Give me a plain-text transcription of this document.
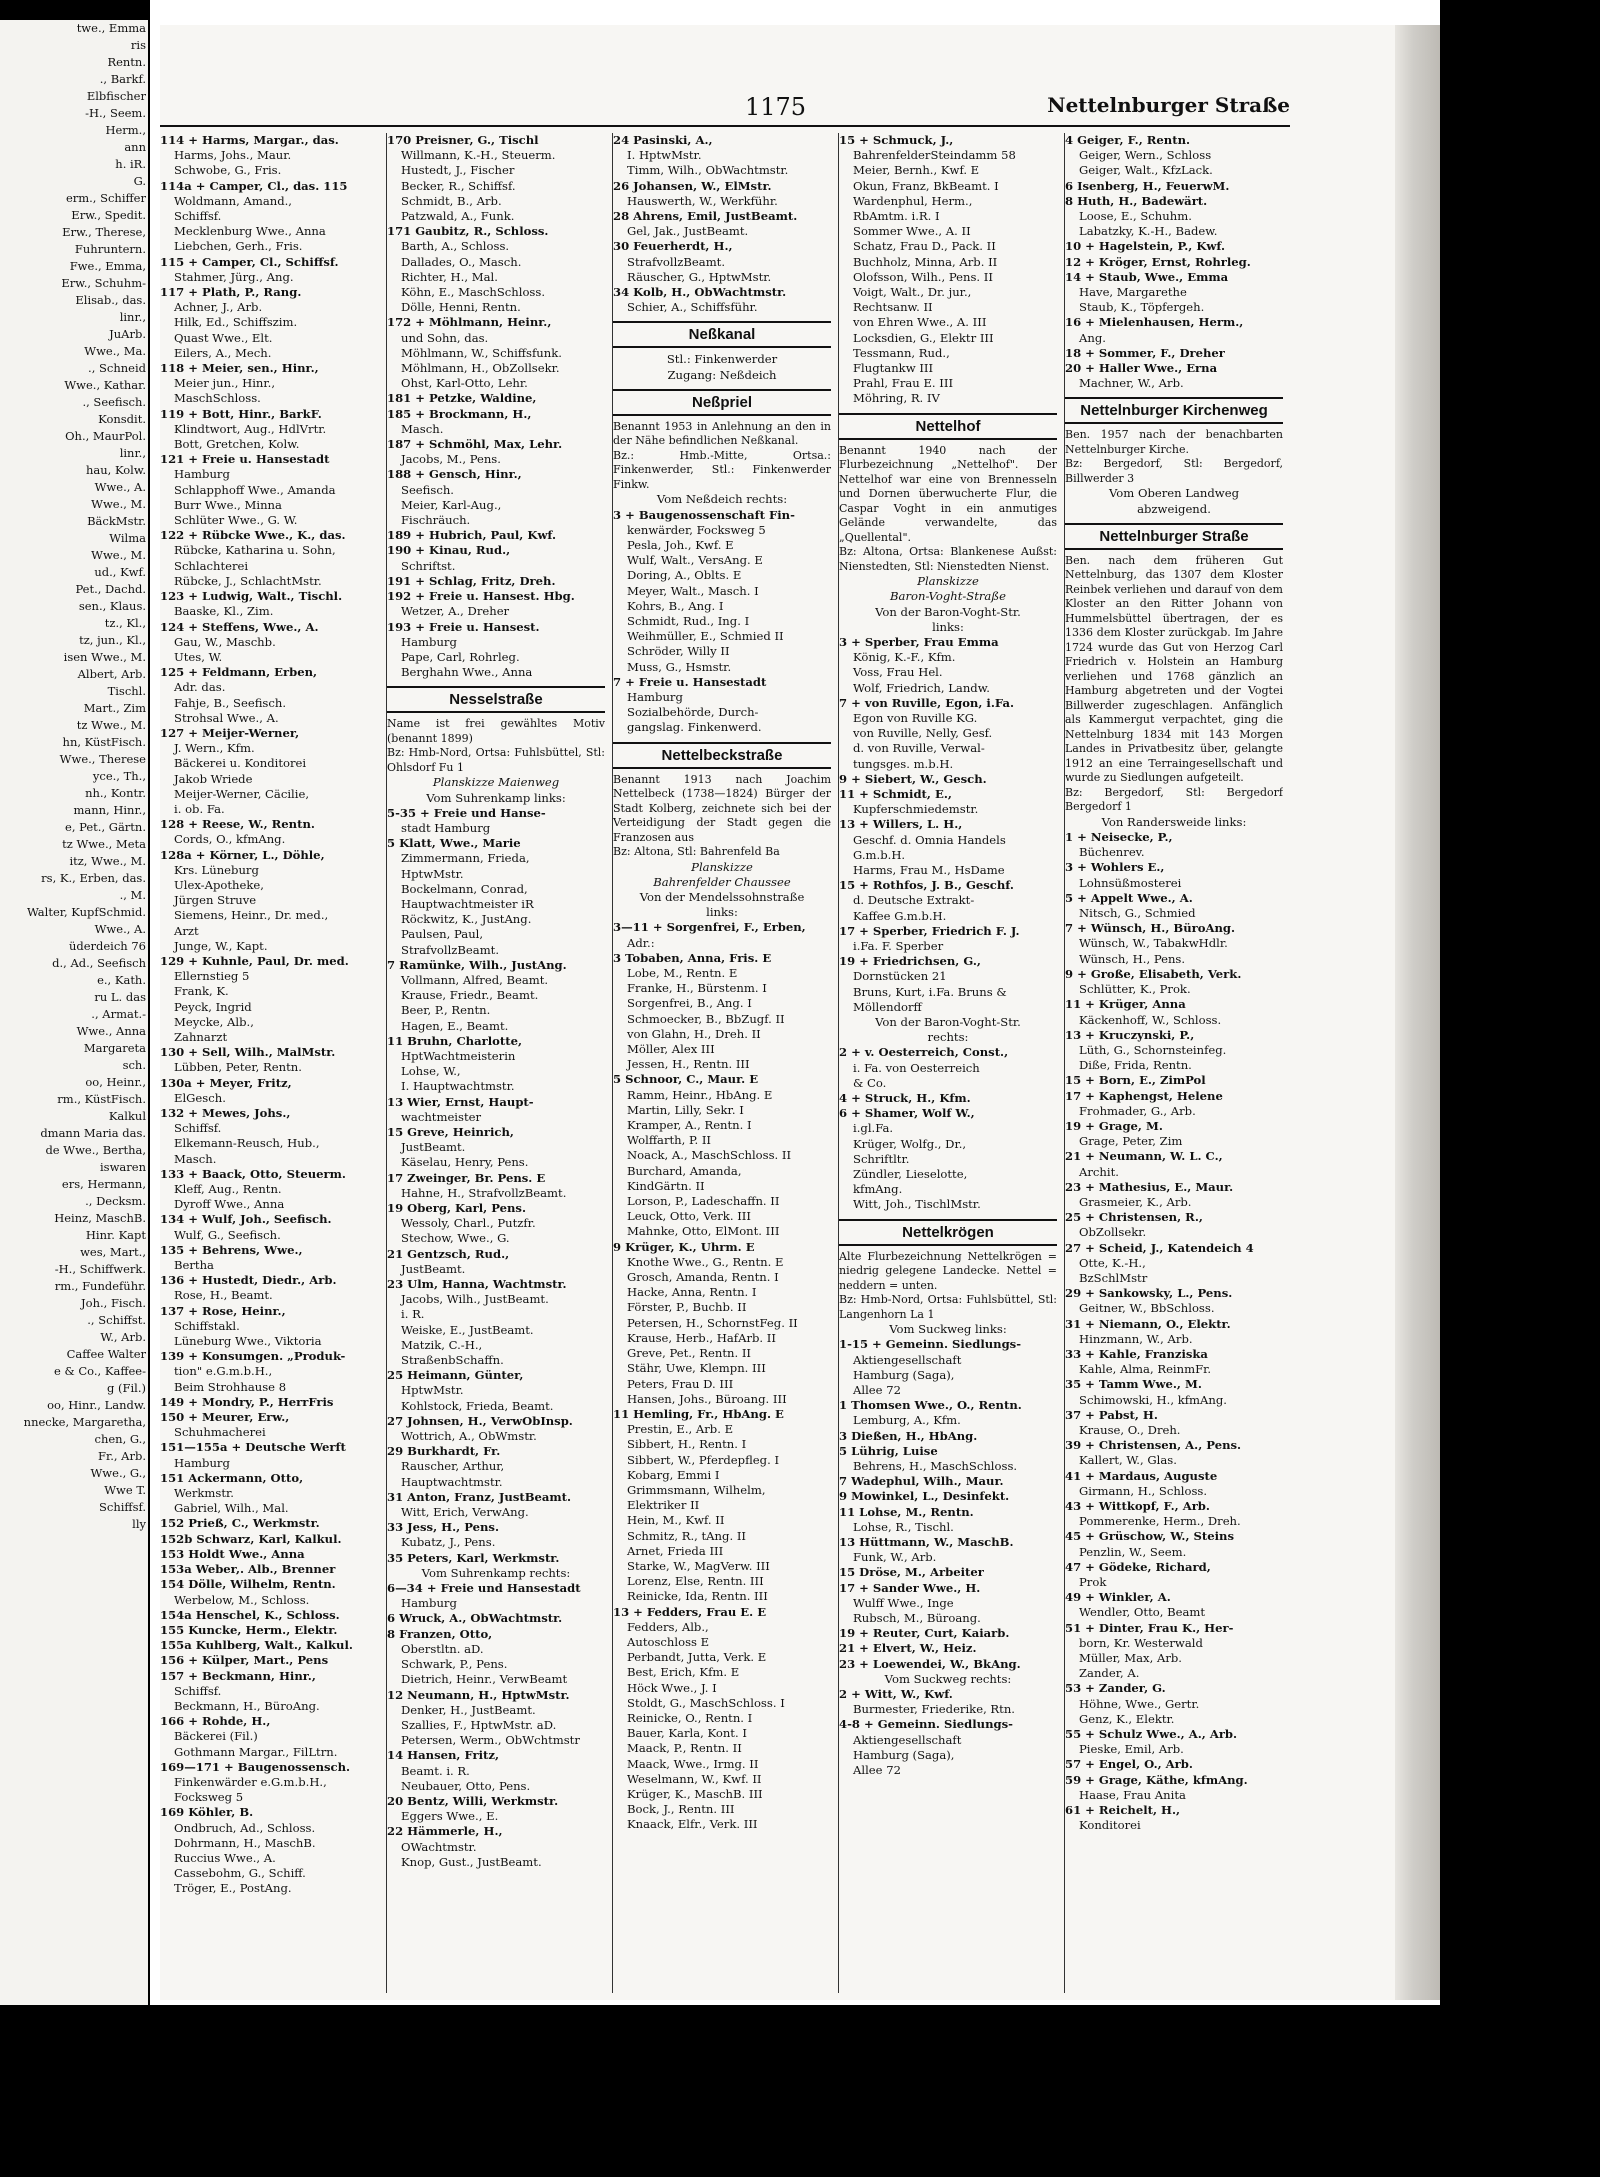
twe., Emma
ris
Rentn.
., Barkf.
Elbfischer
-H., Seem.
Herm.,
ann
h. iR.
G.
erm., Schiffer
Erw., Spedit.
Erw., Therese,
Fuhruntern.
Fwe., Emma,
Erw., Schuhm-
Elisab., das.
linr.,
JuArb.
Wwe., Ma.
., Schneid
Wwe., Kathar.
., Seefisch.
Konsdit.
Oh., MaurPol.
linr.,
hau, Kolw.
Wwe., A.
Wwe., M.
BäckMstr.
Wilma
Wwe., M.
ud., Kwf.
Pet., Dachd.
sen., Klaus.
tz., Kl.,
tz, jun., Kl.,
isen Wwe., M.
Albert, Arb.
Tischl.
Mart., Zim
tz Wwe., M.
hn, KüstFisch.
Wwe., Therese
yce., Th.,
nh., Kontr.
mann, Hinr.,
e, Pet., Gärtn.
tz Wwe., Meta
itz, Wwe., M.
rs, K., Erben, das.
., M.
Walter, KupfSchmid.
Wwe., A.
üderdeich 76
d., Ad., Seefisch
e., Kath.
ru L. das
., Armat.-
Wwe., Anna
Margareta
sch.
oo, Heinr.,
rm., KüstFisch.
Kalkul
dmann Maria das.
de Wwe., Bertha,
iswaren
ers, Hermann,
., Decksm.
Heinz, MaschB.
Hinr. Kapt
wes, Mart.,
-H., Schiffwerk.
rm., Fundeführ.
Joh., Fisch.
., Schiffst.
W., Arb.
Caffee Walter
e & Co., Kaffee-
g (Fil.)
oo, Hinr., Landw.
nnecke, Margaretha,
chen, G.,
Fr., Arb.
Wwe., G.,
Wwe T.
Schiffsf.
lly
1175	Nettelnburger Straße
114 + Harms, Margar., das.
Harms, Johs., Maur.
Schwobe, G., Fris.
114a + Camper, Cl., das. 115
Woldmann, Amand.,
Schiffsf.
Mecklenburg Wwe., Anna
Liebchen, Gerh., Fris.
115 + Camper, Cl., Schiffsf.
Stahmer, Jürg., Ang.
117 + Plath, P., Rang.
Achner, J., Arb.
Hilk, Ed., Schiffszim.
Quast Wwe., Elt.
Eilers, A., Mech.
118 + Meier, sen., Hinr.,
Meier jun., Hinr.,
MaschSchloss.
119 + Bott, Hinr., BarkF.
Klindtwort, Aug., HdlVrtr.
Bott, Gretchen, Kolw.
121 + Freie u. Hansestadt
Hamburg
Schlapphoff Wwe., Amanda
Burr Wwe., Minna
Schlüter Wwe., G. W.
122 + Rübcke Wwe., K., das.
Rübcke, Katharina u. Sohn,
Schlachterei
Rübcke, J., SchlachtMstr.
123 + Ludwig, Walt., Tischl.
Baaske, Kl., Zim.
124 + Steffens, Wwe., A.
Gau, W., Maschb.
Utes, W.
125 + Feldmann, Erben,
Adr. das.
Fahje, B., Seefisch.
Strohsal Wwe., A.
127 + Meijer-Werner,
J. Wern., Kfm.
Bäckerei u. Konditorei
Jakob Wriede
Meijer-Werner, Cäcilie,
i. ob. Fa.
128 + Reese, W., Rentn.
Cords, O., kfmAng.
128a + Körner, L., Döhle,
Krs. Lüneburg
Ulex-Apotheke,
Jürgen Struve
Siemens, Heinr., Dr. med.,
Arzt
Junge, W., Kapt.
129 + Kuhnle, Paul, Dr. med.
Ellernstieg 5
Frank, K.
Peyck, Ingrid
Meycke, Alb.,
Zahnarzt
130 + Sell, Wilh., MalMstr.
Lübben, Peter, Rentn.
130a + Meyer, Fritz,
ElGesch.
132 + Mewes, Johs.,
Schiffsf.
Elkemann-Reusch, Hub.,
Masch.
133 + Baack, Otto, Steuerm.
Kleff, Aug., Rentn.
Dyroff Wwe., Anna
134 + Wulf, Joh., Seefisch.
Wulf, G., Seefisch.
135 + Behrens, Wwe.,
Bertha
136 + Hustedt, Diedr., Arb.
Rose, H., Beamt.
137 + Rose, Heinr.,
Schiffstakl.
Lüneburg Wwe., Viktoria
139 + Konsumgen. „Produk-
tion" e.G.m.b.H.,
Beim Strohhause 8
149 + Mondry, P., HerrFris
150 + Meurer, Erw.,
Schuhmacherei
151—155a + Deutsche Werft
Hamburg
151 Ackermann, Otto,
Werkmstr.
Gabriel, Wilh., Mal.
152 Prieß, C., Werkmstr.
152b Schwarz, Karl, Kalkul.
153 Holdt Wwe., Anna
153a Weber,. Alb., Brenner
154 Dölle, Wilhelm, Rentn.
Werbelow, M., Schloss.
154a Henschel, K., Schloss.
155 Kuncke, Herm., Elektr.
155a Kuhlberg, Walt., Kalkul.
156 + Külper, Mart., Pens
157 + Beckmann, Hinr.,
Schiffsf.
Beckmann, H., BüroAng.
166 + Rohde, H.,
Bäckerei (Fil.)
Gothmann Margar., FilLtrn.
169—171 + Baugenossensch.
Finkenwärder e.G.m.b.H.,
Focksweg 5
169 Köhler, B.
Ondbruch, Ad., Schloss.
Dohrmann, H., MaschB.
Ruccius Wwe., A.
Cassebohm, G., Schiff.
Tröger, E., PostAng.
170 Preisner, G., Tischl
Willmann, K.-H., Steuerm.
Hustedt, J., Fischer
Becker, R., Schiffsf.
Schmidt, B., Arb.
Patzwald, A., Funk.
171 Gaubitz, R., Schloss.
Barth, A., Schloss.
Dallades, O., Masch.
Richter, H., Mal.
Köhn, E., MaschSchloss.
Dölle, Henni, Rentn.
172 + Möhlmann, Heinr.,
und Sohn, das.
Möhlmann, W., Schiffsfunk.
Möhlmann, H., ObZollsekr.
Ohst, Karl-Otto, Lehr.
181 + Petzke, Waldine,
185 + Brockmann, H.,
Masch.
187 + Schmöhl, Max, Lehr.
Jacobs, M., Pens.
188 + Gensch, Hinr.,
Seefisch.
Meier, Karl-Aug.,
Fischräuch.
189 + Hubrich, Paul, Kwf.
190 + Kinau, Rud.,
Schriftst.
191 + Schlag, Fritz, Dreh.
192 + Freie u. Hansest. Hbg.
Wetzer, A., Dreher
193 + Freie u. Hansest.
Hamburg
Pape, Carl, Rohrleg.
Berghahn Wwe., Anna
Nesselstraße
Name ist frei gewähltes Motiv (benannt 1899)
Bz: Hmb-Nord, Ortsa: Fuhlsbüttel, Stl: Ohlsdorf Fu 1
Planskizze Maienweg
Vom Suhrenkamp links:
5-35 + Freie und Hanse-
stadt Hamburg
5 Klatt, Wwe., Marie
Zimmermann, Frieda,
HptwMstr.
Bockelmann, Conrad,
Hauptwachtmeister iR
Röckwitz, K., JustAng.
Paulsen, Paul,
StrafvollzBeamt.
7 Ramünke, Wilh., JustAng.
Vollmann, Alfred, Beamt.
Krause, Friedr., Beamt.
Beer, P., Rentn.
Hagen, E., Beamt.
11 Bruhn, Charlotte,
HptWachtmeisterin
Lohse, W.,
I. Hauptwachtmstr.
13 Wier, Ernst, Haupt-
wachtmeister
15 Greve, Heinrich,
JustBeamt.
Käselau, Henry, Pens.
17 Zweinger, Br. Pens. E
Hahne, H., StrafvollzBeamt.
19 Oberg, Karl, Pens.
Wessoly, Charl., Putzfr.
Stechow, Wwe., G.
21 Gentzsch, Rud.,
JustBeamt.
23 Ulm, Hanna, Wachtmstr.
Jacobs, Wilh., JustBeamt.
i. R.
Weiske, E., JustBeamt.
Matzik, C.-H.,
StraßenbSchaffn.
25 Heimann, Günter,
HptwMstr.
Kohlstock, Frieda, Beamt.
27 Johnsen, H., VerwObInsp.
Wottrich, A., ObWmstr.
29 Burkhardt, Fr.
Rauscher, Arthur,
Hauptwachtmstr.
31 Anton, Franz, JustBeamt.
Witt, Erich, VerwAng.
33 Jess, H., Pens.
Kubatz, J., Pens.
35 Peters, Karl, Werkmstr.
Vom Suhrenkamp rechts:
6—34 + Freie und Hansestadt
Hamburg
6 Wruck, A., ObWachtmstr.
8 Franzen, Otto,
Oberstltn. aD.
Schwark, P., Pens.
Dietrich, Heinr., VerwBeamt
12 Neumann, H., HptwMstr.
Denker, H., JustBeamt.
Szallies, F., HptwMstr. aD.
Petersen, Werm., ObWchtmstr
14 Hansen, Fritz,
Beamt. i. R.
Neubauer, Otto, Pens.
20 Bentz, Willi, Werkmstr.
Eggers Wwe., E.
22 Hämmerle, H.,
OWachtmstr.
Knop, Gust., JustBeamt.
24 Pasinski, A.,
I. HptwMstr.
Timm, Wilh., ObWachtmstr.
26 Johansen, W., ElMstr.
Hauswerth, W., Werkführ.
28 Ahrens, Emil, JustBeamt.
Gel, Jak., JustBeamt.
30 Feuerherdt, H.,
StrafvollzBeamt.
Räuscher, G., HptwMstr.
34 Kolb, H., ObWachtmstr.
Schier, A., Schiffsführ.
Neßkanal
Stl.: Finkenwerder
Zugang: Neßdeich
Neßpriel
Benannt 1953 in Anlehnung an den in der Nähe befindlichen Neßkanal.
Bz.: Hmb.-Mitte, Ortsa.: Finkenwerder, Stl.: Finkenwerder Finkw.
Vom Neßdeich rechts:
3 + Baugenossenschaft Fin-
kenwärder, Focksweg 5
Pesla, Joh., Kwf. E
Wulf, Walt., VersAng. E
Doring, A., Oblts. E
Meyer, Walt., Masch. I
Kohrs, B., Ang. I
Schmidt, Rud., Ing. I
Weihmüller, E., Schmied II
Schröder, Willy II
Muss, G., Hsmstr.
7 + Freie u. Hansestadt
Hamburg
Sozialbehörde, Durch-
gangslag. Finkenwerd.
Nettelbeckstraße
Benannt 1913 nach Joachim Nettelbeck (1738—1824) Bürger der Stadt Kolberg, zeichnete sich bei der Verteidigung der Stadt gegen die Franzosen aus
Bz: Altona, Stl: Bahrenfeld Ba
Planskizze
Bahrenfelder Chaussee
Von der Mendelssohnstraße
links:
3—11 + Sorgenfrei, F., Erben,
Adr.:
3 Tobaben, Anna, Fris. E
Lobe, M., Rentn. E
Franke, H., Bürstenm. I
Sorgenfrei, B., Ang. I
Schmoecker, B., BbZugf. II
von Glahn, H., Dreh. II
Möller, Alex III
Jessen, H., Rentn. III
5 Schnoor, C., Maur. E
Ramm, Heinr., HbAng. E
Martin, Lilly, Sekr. I
Kramper, A., Rentn. I
Wolffarth, P. II
Noack, A., MaschSchloss. II
Burchard, Amanda,
KindGärtn. II
Lorson, P., Ladeschaffn. II
Leuck, Otto, Verk. III
Mahnke, Otto, ElMont. III
9 Krüger, K., Uhrm. E
Knothe Wwe., G., Rentn. E
Grosch, Amanda, Rentn. I
Hacke, Anna, Rentn. I
Förster, P., Buchb. II
Petersen, H., SchornstFeg. II
Krause, Herb., HafArb. II
Greve, Pet., Rentn. II
Stähr, Uwe, Klempn. III
Peters, Frau D. III
Hansen, Johs., Büroang. III
11 Hemling, Fr., HbAng. E
Prestin, E., Arb. E
Sibbert, H., Rentn. I
Sibbert, W., Pferdepfleg. I
Kobarg, Emmi I
Grimmsmann, Wilhelm,
Elektriker II
Hein, M., Kwf. II
Schmitz, R., tAng. II
Arnet, Frieda III
Starke, W., MagVerw. III
Lorenz, Else, Rentn. III
Reinicke, Ida, Rentn. III
13 + Fedders, Frau E. E
Fedders, Alb.,
Autoschloss E
Perbandt, Jutta, Verk. E
Best, Erich, Kfm. E
Höck Wwe., J. I
Stoldt, G., MaschSchloss. I
Reinicke, O., Rentn. I
Bauer, Karla, Kont. I
Maack, P., Rentn. II
Maack, Wwe., Irmg. II
Weselmann, W., Kwf. II
Krüger, K., MaschB. III
Bock, J., Rentn. III
Knaack, Elfr., Verk. III
15 + Schmuck, J.,
BahrenfelderSteindamm 58
Meier, Bernh., Kwf. E
Okun, Franz, BkBeamt. I
Wardenphul, Herm.,
RbAmtm. i.R. I
Sommer Wwe., A. II
Schatz, Frau D., Pack. II
Buchholz, Minna, Arb. II
Olofsson, Wilh., Pens. II
Voigt, Walt., Dr. jur.,
Rechtsanw. II
von Ehren Wwe., A. III
Locksdien, G., Elektr III
Tessmann, Rud.,
Flugtankw III
Prahl, Frau E. III
Möhring, R. IV
Nettelhof
Benannt 1940 nach der Flurbezeichnung „Nettelhof". Der Nettelhof war eine von Brennesseln und Dornen überwucherte Flur, die Caspar Voght in ein anmutiges Gelände verwandelte, das „Quellental".
Bz: Altona, Ortsa: Blankenese Außst: Nienstedten, Stl: Nienstedten Nienst.
Planskizze
Baron-Voght-Straße
Von der Baron-Voght-Str.
links:
3 + Sperber, Frau Emma
König, K.-F., Kfm.
Voss, Frau Hel.
Wolf, Friedrich, Landw.
7 + von Ruville, Egon, i.Fa.
Egon von Ruville KG.
von Ruville, Nelly, Gesf.
d. von Ruville, Verwal-
tungsges. m.b.H.
9 + Siebert, W., Gesch.
11 + Schmidt, E.,
Kupferschmiedemstr.
13 + Willers, L. H.,
Geschf. d. Omnia Handels
G.m.b.H.
Harms, Frau M., HsDame
15 + Rothfos, J. B., Geschf.
d. Deutsche Extrakt-
Kaffee G.m.b.H.
17 + Sperber, Friedrich F. J.
i.Fa. F. Sperber
19 + Friedrichsen, G.,
Dornstücken 21
Bruns, Kurt, i.Fa. Bruns &
Möllendorff
Von der Baron-Voght-Str.
rechts:
2 + v. Oesterreich, Const.,
i. Fa. von Oesterreich
& Co.
4 + Struck, H., Kfm.
6 + Shamer, Wolf W.,
i.gl.Fa.
Krüger, Wolfg., Dr.,
Schriftltr.
Zündler, Lieselotte,
kfmAng.
Witt, Joh., TischlMstr.
Nettelkrögen
Alte Flurbezeichnung Nettelkrögen = niedrig gelegene Landecke. Nettel = neddern = unten.
Bz: Hmb-Nord, Ortsa: Fuhlsbüttel, Stl: Langenhorn La 1
Vom Suckweg links:
1-15 + Gemeinn. Siedlungs-
Aktiengesellschaft
Hamburg (Saga),
Allee 72
1 Thomsen Wwe., O., Rentn.
Lemburg, A., Kfm.
3 Dießen, H., HbAng.
5 Lührig, Luise
Behrens, H., MaschSchloss.
7 Wadephul, Wilh., Maur.
9 Mowinkel, L., Desinfekt.
11 Lohse, M., Rentn.
Lohse, R., Tischl.
13 Hüttmann, W., MaschB.
Funk, W., Arb.
15 Dröse, M., Arbeiter
17 + Sander Wwe., H.
Wulff Wwe., Inge
Rubsch, M., Büroang.
19 + Reuter, Curt, Kaiarb.
21 + Elvert, W., Heiz.
23 + Loewendei, W., BkAng.
Vom Suckweg rechts:
2 + Witt, W., Kwf.
Burmester, Friederike, Rtn.
4-8 + Gemeinn. Siedlungs-
Aktiengesellschaft
Hamburg (Saga),
Allee 72
4 Geiger, F., Rentn.
Geiger, Wern., Schloss
Geiger, Walt., KfzLack.
6 Isenberg, H., FeuerwM.
8 Huth, H., Badewärt.
Loose, E., Schuhm.
Labatzky, K.-H., Badew.
10 + Hagelstein, P., Kwf.
12 + Kröger, Ernst, Rohrleg.
14 + Staub, Wwe., Emma
Have, Margarethe
Staub, K., Töpfergeh.
16 + Mielenhausen, Herm.,
Ang.
18 + Sommer, F., Dreher
20 + Haller Wwe., Erna
Machner, W., Arb.
Nettelnburger Kirchenweg
Ben. 1957 nach der benachbarten Nettelnburger Kirche.
Bz: Bergedorf, Stl: Bergedorf, Billwerder 3
Vom Oberen Landweg
abzweigend.
Nettelnburger Straße
Ben. nach dem früheren Gut Nettelnburg, das 1307 dem Kloster Reinbek verliehen und darauf von dem Kloster an den Ritter Johann von Hummelsbüttel übertragen, der es 1336 dem Kloster zurückgab. Im Jahre 1724 wurde das Gut von Herzog Carl Friedrich v. Holstein an Hamburg verliehen und 1768 gänzlich an Hamburg abgetreten und der Vogtei Billwerder zugeschlagen. Anfänglich als Kammergut verpachtet, ging die Nettelnburg 1834 mit 143 Morgen Landes in Privatbesitz über, gelangte 1912 an eine Terraingesellschaft und wurde zu Siedlungen aufgeteilt.
Bz: Bergedorf, Stl: Bergedorf Bergedorf 1
Von Randersweide links:
1 + Neisecke, P.,
Büchenrev.
3 + Wohlers E.,
Lohnsüßmosterei
5 + Appelt Wwe., A.
Nitsch, G., Schmied
7 + Wünsch, H., BüroAng.
Wünsch, W., TabakwHdlr.
Wünsch, H., Pens.
9 + Große, Elisabeth, Verk.
Schlütter, K., Prok.
11 + Krüger, Anna
Käckenhoff, W., Schloss.
13 + Kruczynski, P.,
Lüth, G., Schornsteinfeg.
Diße, Frida, Rentn.
15 + Born, E., ZimPol
17 + Kaphengst, Helene
Frohmader, G., Arb.
19 + Grage, M.
Grage, Peter, Zim
21 + Neumann, W. L. C.,
Archit.
23 + Mathesius, E., Maur.
Grasmeier, K., Arb.
25 + Christensen, R.,
ObZollsekr.
27 + Scheid, J., Katendeich 4
Otte, K.-H.,
BzSchlMstr
29 + Sankowsky, L., Pens.
Geitner, W., BbSchloss.
31 + Niemann, O., Elektr.
Hinzmann, W., Arb.
33 + Kahle, Franziska
Kahle, Alma, ReinmFr.
35 + Tamm Wwe., M.
Schimowski, H., kfmAng.
37 + Pabst, H.
Krause, O., Dreh.
39 + Christensen, A., Pens.
Kallert, W., Glas.
41 + Mardaus, Auguste
Girmann, H., Schloss.
43 + Wittkopf, F., Arb.
Pommerenke, Herm., Dreh.
45 + Grüschow, W., Steins
Penzlin, W., Seem.
47 + Gödeke, Richard,
Prok
49 + Winkler, A.
Wendler, Otto, Beamt
51 + Dinter, Frau K., Her-
born, Kr. Westerwald
Müller, Max, Arb.
Zander, A.
53 + Zander, G.
Höhne, Wwe., Gertr.
Genz, K., Elektr.
55 + Schulz Wwe., A., Arb.
Pieske, Emil, Arb.
57 + Engel, O., Arb.
59 + Grage, Käthe, kfmAng.
Haase, Frau Anita
61 + Reichelt, H.,
Konditorei
